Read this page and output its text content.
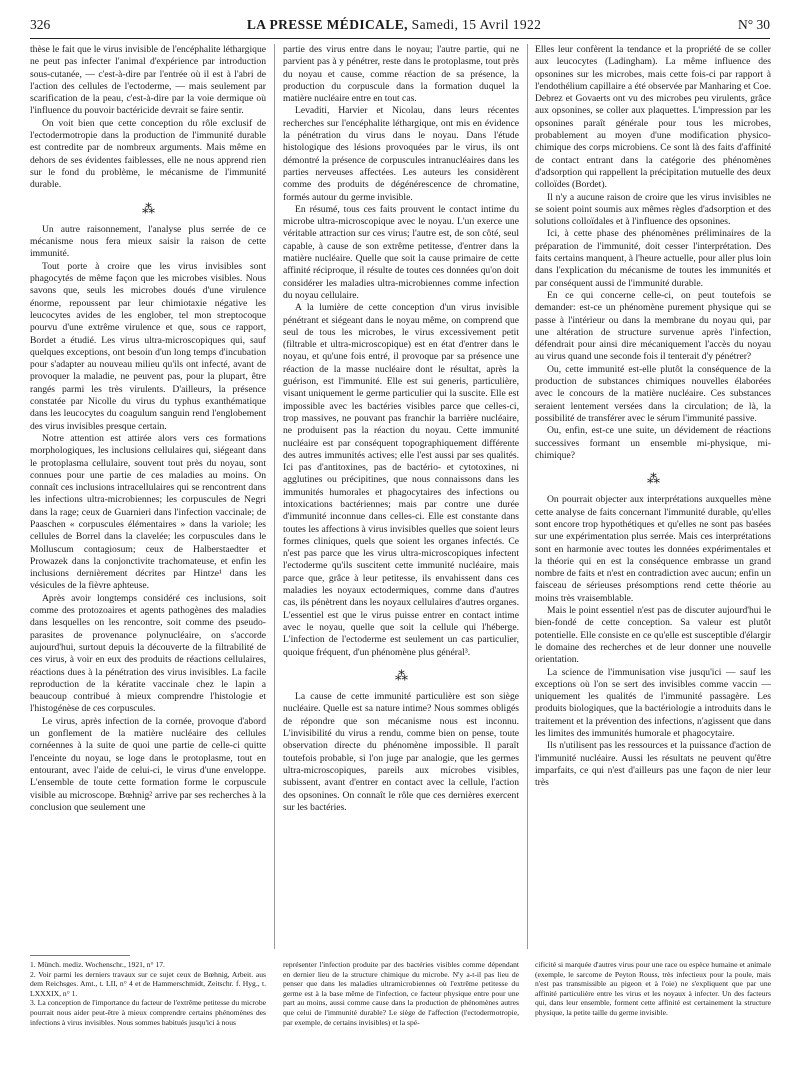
326	LA PRESSE MÉDICALE, Samedi, 15 Avril 1922	N° 30

thèse le fait que le virus invisible de l'encéphalite léthargique ne peut pas infecter l'animal d'expérience par introduction sous-cutanée, — c'est-à-dire par l'entrée où il est à l'abri de l'action des cellules de l'ectoderme, — mais seulement par scarification de la peau, c'est-à-dire par la voie dermique où l'influence du pouvoir bactéricide devrait se faire sentir.

On voit bien que cette conception du rôle exclusif de l'ectodermotropie dans la production de l'immunité durable est contredite par de nombreux arguments. Mais même en dehors de ses évidentes faiblesses, elle ne nous apprend rien sur le fond du problème, le mécanisme de l'immunité durable.

⁂

Un autre raisonnement, l'analyse plus serrée de ce mécanisme nous fera mieux saisir la raison de cette immunité.

Tout porte à croire que les virus invisibles sont phagocytés de même façon que les microbes visibles. Nous savons que, seuls les microbes doués d'une virulence énorme, repoussent par leur chimiotaxie négative les leucocytes avides de les englober, tel mon streptocoque pourvu d'une extrême virulence et que, sous ce rapport, Bordet a étudié. Les virus ultra-microscopiques qui, sauf quelques exceptions, ont besoin d'un long temps d'incubation pour s'adapter au nouveau milieu qu'ils ont infecté, avant de provoquer la maladie, ne peuvent pas, pour la plupart, être rangés parmi les très virulents. D'ailleurs, la présence constatée par Nicolle du virus du typhus exanthématique dans les leucocytes du coagulum sanguin rend l'englobement des virus invisibles presque certain.

Notre attention est attirée alors vers ces formations morphologiques, les inclusions cellulaires qui, siégeant dans le protoplasma cellulaire, souvent tout près du noyau, sont connues pour une partie de ces maladies au moins. On connaît ces inclusions intracellulaires qui se rencontrent dans les infections ultra-microbiennes; les corpuscules de Negri dans la rage; ceux de Guarnieri dans l'infection vaccinale; de Paaschen « corpuscules élémentaires » dans la variole; les cellules de Borrel dans la clavelée; les corpuscules dans le Molluscum contagiosum; ceux de Halberstaedter et Prowazek dans la conjonctivite trachomateuse, et enfin les inclusions dernièrement décrites par Hintze¹ dans les vésicules de la fièvre aphteuse.

Après avoir longtemps considéré ces inclusions, soit comme des protozoaires et agents pathogènes des maladies dans lesquelles on les rencontre, soit comme des pseudo-parasites de provenance polynucléaire, on s'accorde aujourd'hui, surtout depuis la découverte de la filtrabilité de ces virus, à voir en eux des produits de réactions cellulaires, réactions dues à la pénétration des virus invisibles. La facile reproduction de la kératite vaccinale chez le lapin a beaucoup contribué à mieux comprendre l'histologie et l'histogénèse de ces corpuscules.

Le virus, après infection de la cornée, provoque d'abord un gonflement de la matière nucléaire des cellules cornéennes à la suite de quoi une partie de celle-ci quitte l'enceinte du noyau, se loge dans le protoplasme, tout en entourant, avec l'aide de celui-ci, le virus d'une enveloppe. L'ensemble de toute cette formation forme le corpuscule visible au microscope. Bœhnig² arrive par ses recherches à la conclusion que seulement une

partie des virus entre dans le noyau; l'autre partie, qui ne parvient pas à y pénétrer, reste dans le protoplasme, tout près du noyau et cause, comme réaction de sa présence, la production du corpuscule dans la formation duquel la matière nucléaire entre en tout cas.

Levaditi, Harvier et Nicolau, dans leurs récentes recherches sur l'encéphalite léthargique, ont mis en évidence la pénétration du virus dans le noyau. Dans l'étude histologique des lésions provoquées par le virus, ils ont démontré la présence de corpuscules intranucléaires dans les parties nerveuses affectées. Les auteurs les considèrent comme des produits de dégénérescence de chromatine, formés autour du germe invisible.

En résumé, tous ces faits prouvent le contact intime du microbe ultra-microscopique avec le noyau. L'un exerce une véritable attraction sur ces virus; l'autre est, de son côté, seul capable, à cause de son extrême petitesse, d'entrer dans la matière nucléaire. Quelle que soit la cause primaire de cette affinité réciproque, il résulte de toutes ces données qu'on doit considérer les maladies ultra-microbiennes comme infection du noyau cellulaire.

A la lumière de cette conception d'un virus invisible pénétrant et siégeant dans le noyau même, on comprend que seul de tous les microbes, le virus excessivement petit (filtrable et ultra-microscopique) est en état d'entrer dans le noyau, et qu'une fois entré, il provoque par sa présence une réaction de la masse nucléaire dont le résultat, après la guérison, est l'immunité. Elle est sui generis, particulière, visant uniquement le germe particulier qui la suscite. Elle est impossible avec les bactéries visibles parce que celles-ci, trop massives, ne pouvant pas franchir la barrière nucléaire, ne produisent pas la réaction du noyau. Cette immunité nucléaire est par conséquent topographiquement différente des autres immunités actives; elle l'est aussi par ses qualités. Ici pas d'antitoxines, pas de bactério- et cytotoxines, ni agglutines ou précipitines, que nous connaissons dans les immunités humorales et phagocytaires des infections ou intoxications bactériennes; mais par contre une durée d'immunité inconnue dans celles-ci. Elle est constante dans toutes les affections à virus invisibles quelles que soient leurs formes cliniques, quels que soient les organes infectés. Ce n'est pas parce que les virus ultra-microscopiques infectent l'ectoderme qu'ils suscitent cette immunité nucléaire, mais parce que, grâce à leur petitesse, ils envahissent dans ces maladies les noyaux ectodermiques, comme dans d'autres cas, ils pénètrent dans les noyaux cellulaires d'autres organes. L'essentiel est que le virus puisse entrer en contact intime avec le noyau, quelle que soit la cellule qui l'héberge. L'infection de l'ectoderme est seulement un cas particulier, quoique fréquent, d'un phénomène plus général³.

⁂

La cause de cette immunité particulière est son siège nucléaire. Quelle est sa nature intime? Nous sommes obligés de répondre que son mécanisme nous est inconnu. L'invisibilité du virus a rendu, comme bien on pense, toute observation directe du phénomène impossible. Il paraît toutefois probable, si l'on juge par analogie, que les germes ultra-microscopiques, pareils aux microbes visibles, subissent, avant d'entrer en contact avec la cellule, l'action des opsonines. On connaît le rôle que ces dernières exercent sur les bactéries.

Elles leur confèrent la tendance et la propriété de se coller aux leucocytes (Ladingham). La même influence des opsonines sur les microbes, mais cette fois-ci par rapport à l'endothélium capillaire a été observée par Manharing et Coe. Debrez et Govaerts ont vu des microbes peu virulents, grâce aux opsonines, se coller aux plaquettes. L'impression par les opsonines paraît générale pour tous les microbes, probablement au moyen d'une modification physico-chimique des corps microbiens. Ce sont là des faits d'affinité de contact entrant dans la catégorie des phénomènes d'adsorption qui rappellent la précipitation mutuelle des deux colloïdes (Bordet).

Il n'y a aucune raison de croire que les virus invisibles ne se soient point soumis aux mêmes règles d'adsorption et des solutions colloïdales et à l'influence des opsonines.

Ici, à cette phase des phénomènes préliminaires de la préparation de l'immunité, doit cesser l'interprétation. Des faits certains manquent, à l'heure actuelle, pour aller plus loin dans l'explication du mécanisme de toutes les immunités et par conséquent aussi de l'immunité durable.

En ce qui concerne celle-ci, on peut toutefois se demander: est-ce un phénomène purement physique qui se passe à l'intérieur ou dans la membrane du noyau qui, par une altération de structure survenue après l'infection, défendrait pour ainsi dire mécaniquement l'accès du noyau au virus quand une seconde fois il tenterait d'y pénétrer?

Ou, cette immunité est-elle plutôt la conséquence de la production de substances chimiques nouvelles élaborées avec le concours de la matière nucléaire. Ces substances seraient lentement versées dans la circulation; de là, la possibilité de transférer avec le sérum l'immunité passive.

Ou, enfin, est-ce une suite, un dévidement de réactions successives formant un ensemble mi-physique, mi-chimique?

⁂

On pourrait objecter aux interprétations auxquelles mène cette analyse de faits concernant l'immunité durable, qu'elles sont encore trop hypothétiques et qu'elles ne sont pas basées sur une expérimentation plus serrée. Mais ces interprétations sont en harmonie avec toutes les données expérimentales et la théorie qui en est la conséquence embrasse un grand nombre de faits et n'est en contradiction avec aucun; enfin un faisceau de sérieuses présomptions rend cette théorie au moins très vraisemblable.

Mais le point essentiel n'est pas de discuter aujourd'hui le bien-fondé de cette conception. Sa valeur est plutôt potentielle. Elle consiste en ce qu'elle est susceptible d'élargir le domaine des recherches et de leur donner une nouvelle orientation.

La science de l'immunisation vise jusqu'ici — sauf les exceptions où l'on se sert des invisibles comme vaccin — uniquement les qualités de l'immunité passagère. Les produits biologiques, que la bactériologie a introduits dans le traitement et la prévention des infections, n'agissent que dans les limites des immunités humorale et phagocytaire.

Ils n'utilisent pas les ressources et la puissance d'action de l'immunité nucléaire. Aussi les résultats ne peuvent qu'être imparfaits, ce qui n'est d'ailleurs pas une façon de nier leur très

1. Münch. mediz. Wochenschr., 1921, n° 17.

2. Voir parmi les derniers travaux sur ce sujet ceux de Bœhnig, Arbeit. aus dem Reichsges. Amt., t. LII, n° 4 et de Hammerschmidt, Zeitschr. f. Hyg., t. LXXXIX, n° 1.

3. La conception de l'importance du facteur de l'extrême petitesse du microbe pourrait nous aider peut-être à mieux comprendre certains phénomènes des infections à virus invisibles. Nous sommes habitués jusqu'ici à nous

représenter l'infection produite par des bactéries visibles comme dépendant en dernier lieu de la structure chimique du microbe. N'y a-t-il pas lieu de penser que dans les maladies ultramicrobiennes où l'extrême petitesse du germe est à la base même de l'infection, ce facteur physique entre pour une part au moins, aussi comme cause dans la production de phénomènes autres que celui de l'immunité durable? Le siège de l'affection (l'ectodermotropie, par exemple, de certains invisibles) et la spé-

cificité si marquée d'autres virus pour une race ou espèce humaine et animale (exemple, le sarcome de Peyton Rouss, très infectieux pour la poule, mais n'est pas transmissible au pigeon et à l'oie) ne s'expliquent que par une affinité particulière entre les virus et les noyaux à infecter. Un des facteurs qui, dans leur ensemble, forment cette affinité est certainement la structure physique, la petite taille du germe invisible.
